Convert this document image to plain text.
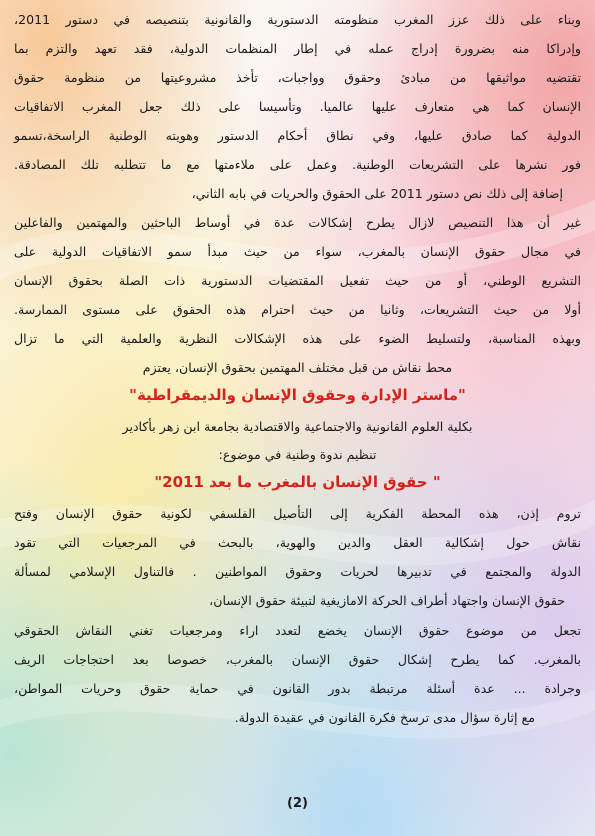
وبناء على ذلك عزز المغرب منظومته الدستورية والقانونية بتنصيصه في دستور 2011،
وإدراكا منه بضرورة إدراج عمله في إطار المنظمات الدولية، فقد تعهد والتزم بما
تقتضيه مواثيقها من مبادئ وحقوق وواجبات، تأخذ مشروعيتها من منظومة حقوق
الإنسان كما هي متعارف عليها عالميا. وتأسيسا على ذلك جعل المغرب الاتفاقيات
الدولية كما صادق عليها، وفي نطاق أحكام الدستور وهويته الوطنية الراسخة،تسمو
فور نشرها على التشريعات الوطنية. وعمل على ملاءمتها مع ما تتطلبه تلك المصادقة.
إضافة إلى ذلك نص دستور 2011 على الحقوق والحريات في بابه الثاني،
غير أن هذا التنصيص لازال يطرح إشكالات عدة في أوساط الباحثين والمهتمين والفاعلين
في مجال حقوق الإنسان بالمغرب، سواء من حيث مبدأ سمو الاتفاقيات الدولية على
التشريع الوطني، أو من حيث تفعيل المقتضيات الدستورية ذات الصلة بحقوق الإنسان
أولا من حيث التشريعات، وثانيا من حيث احترام هذه الحقوق على مستوى الممارسة.
وبهذه المناسبة، ولتسليط الضوء على هذه الإشكالات النظرية والعلمية التي ما تزال
محط نقاش من قبل مختلف المهتمين بحقوق الإنسان، يعتزم
"ماستر الإدارة وحقوق الإنسان والديمقراطية"
بكلية العلوم القانونية والاجتماعية والاقتصادية بجامعة ابن زهر بأكادير
تنظيم ندوة وطنية في موضوع:
" حقوق الإنسان بالمغرب ما بعد 2011"
تروم إذن، هذه المحطة الفكرية إلى التأصيل الفلسفي لكونية حقوق الإنسان وفتح
نقاش حول إشكالية العقل والدين والهوية، بالبحث في المرجعيات التي تقود
الدولة والمجتمع في تدبيرها لحريات وحقوق المواطنين . فالتناول الإسلامي لمسألة
حقوق الإنسان واجتهاد أطراف الحركة الامازيغية لتبيئة حقوق الإنسان،
تجعل من موضوع حقوق الإنسان يخضع لتعدد اراء ومرجعيات تغني النقاش الحقوقي
بالمغرب. كما يطرح إشكال حقوق الإنسان بالمغرب، خصوصا بعد احتجاجات الريف
وجرادة ... عدة أسئلة مرتبطة بدور القانون في حماية حقوق وحريات المواطن،
مع إثارة سؤال مدى ترسخ فكرة القانون في عقيدة الدولة.
(2)
